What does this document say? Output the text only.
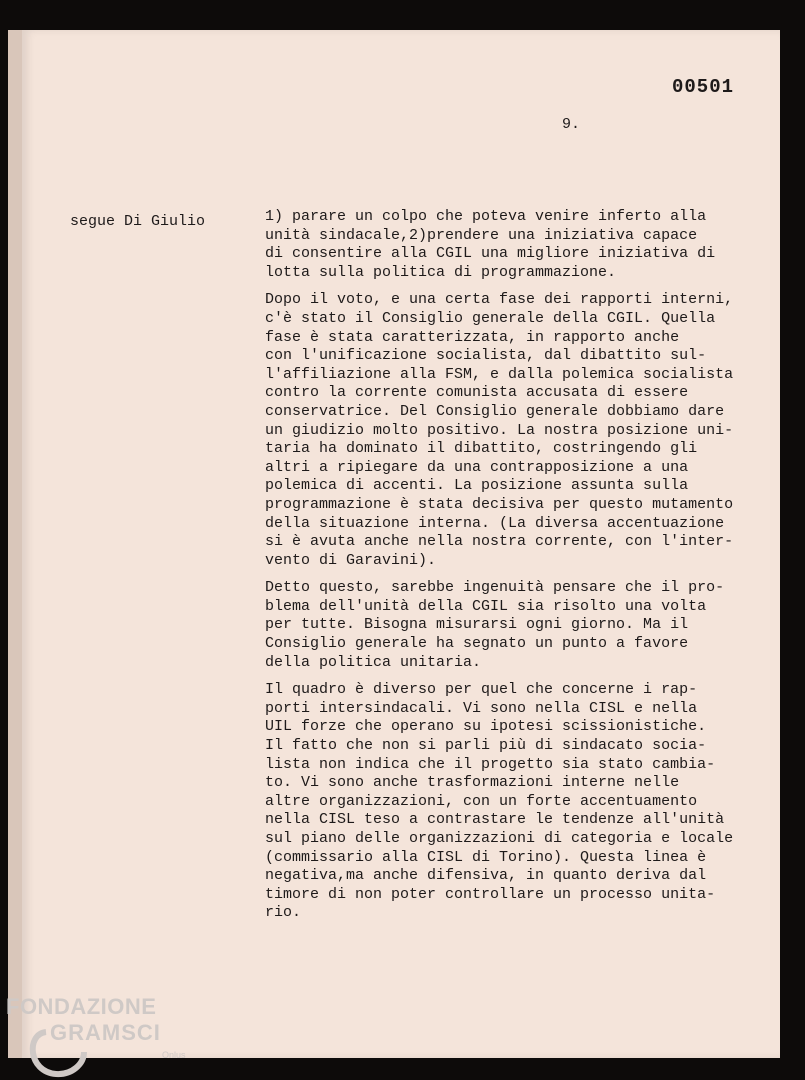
00501
9.
segue Di Giulio	1) parare un colpo che poteva venire inferto alla
unità sindacale,2)prendere una iniziativa capace
di consentire alla CGIL una migliore iniziativa di
lotta sulla politica di programmazione.

Dopo il voto, e una certa fase dei rapporti interni,
c'è stato il Consiglio generale della CGIL. Quella
fase è stata caratterizzata, in rapporto anche
con l'unificazione socialista, dal dibattito sul-
l'affiliazione alla FSM, e dalla polemica socialista
contro la corrente comunista accusata di essere
conservatrice. Del Consiglio generale dobbiamo dare
un giudizio molto positivo. La nostra posizione uni-
taria ha dominato il dibattito, costringendo gli
altri a ripiegare da una contrapposizione a una
polemica di accenti. La posizione assunta sulla
programmazione è stata decisiva per questo mutamento
della situazione interna. (La diversa accentuazione
si è avuta anche nella nostra corrente, con l'inter-
vento di Garavini).

Detto questo, sarebbe ingenuità pensare che il pro-
blema dell'unità della CGIL sia risolto una volta
per tutte. Bisogna misurarsi ogni giorno. Ma il
Consiglio generale ha segnato un punto a favore
della politica unitaria.

Il quadro è diverso per quel che concerne i rap-
porti intersindacali. Vi sono nella CISL e nella
UIL forze che operano su ipotesi scissionistiche.
Il fatto che non si parli più di sindacato socia-
lista non indica che il progetto sia stato cambia-
to. Vi sono anche trasformazioni interne nelle
altre organizzazioni, con un forte accentuamento
nella CISL teso a contrastare le tendenze all'unità
sul piano delle organizzazioni di categoria e locale
(commissario alla CISL di Torino). Questa linea è
negativa,ma anche difensiva, in quanto deriva dal
timore di non poter controllare un processo unita-
rio.

FONDAZIONE
GRAMSCI
Onlus
